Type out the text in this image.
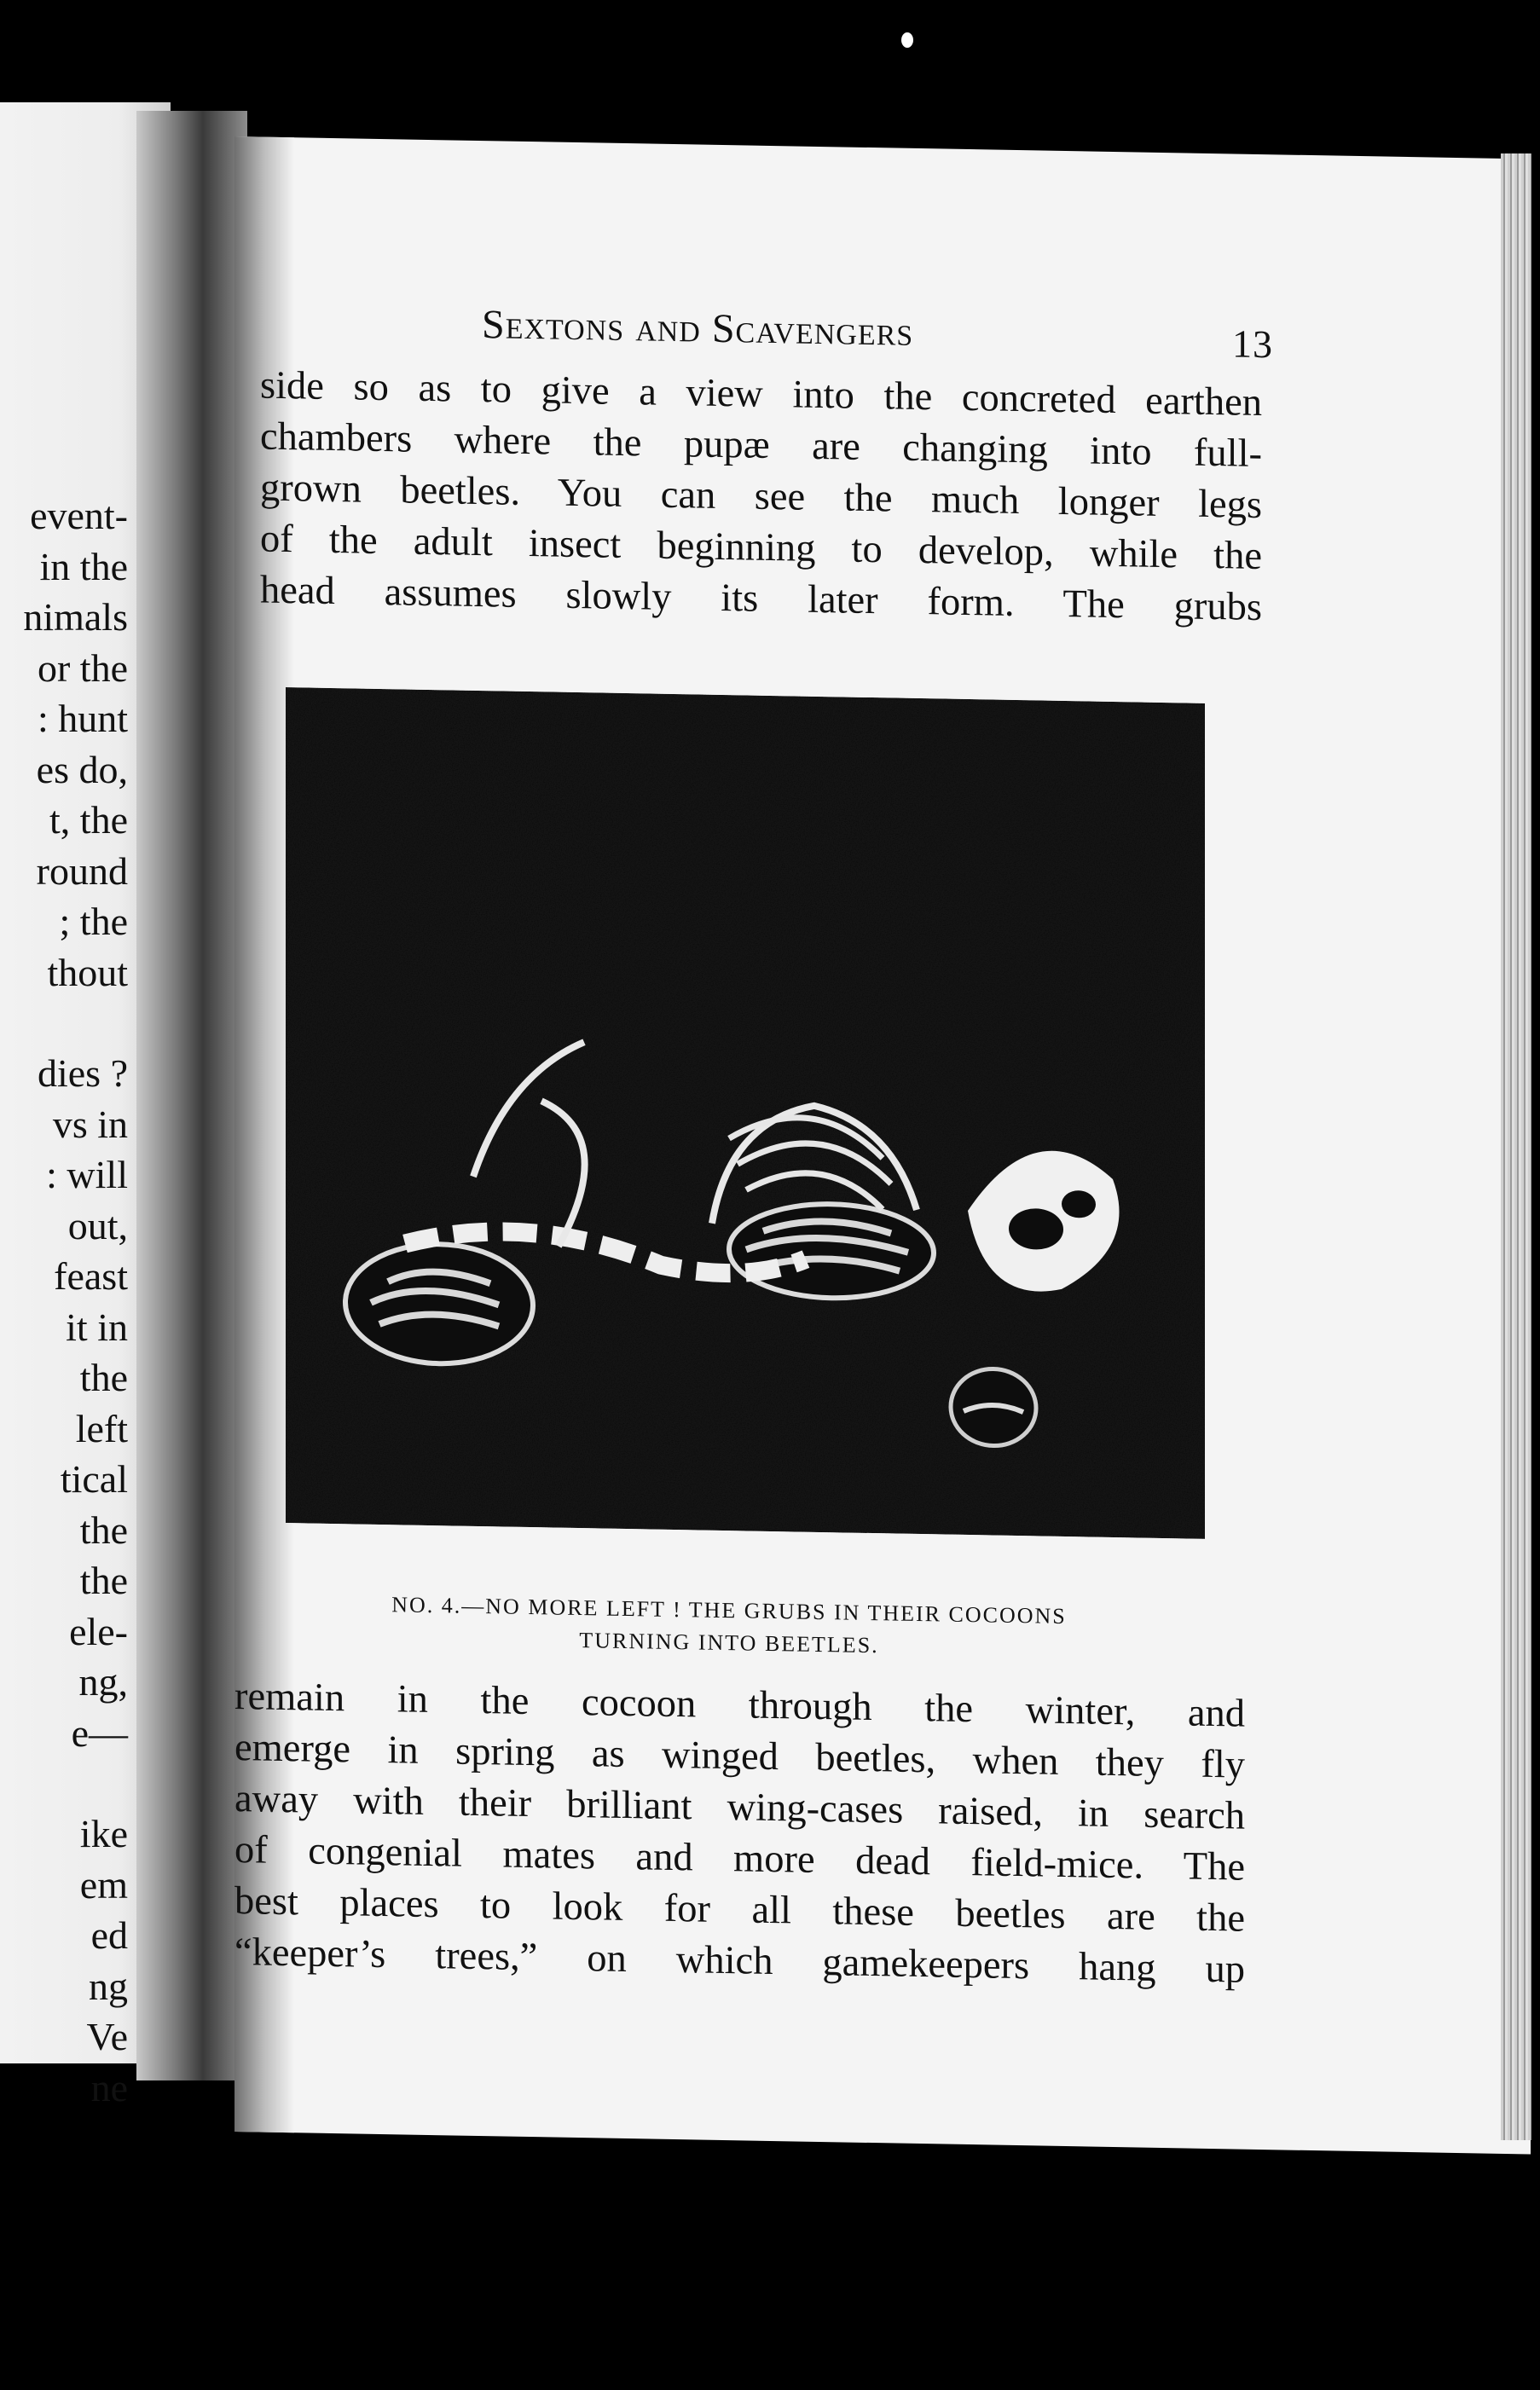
event-
in the
nimals
or the
: hunt
es do,
t, the
round
; the
thout
dies ?
vs in
: will
out,
feast
it in
the
left
tical
the
the
ele-
ng,
e—
ike
em
ed
ng
Ve
ne
Sextons and Scavengers	13
side so as to give a view into the concreted earthen
chambers where the pupæ are changing into full-
grown beetles. You can see the much longer legs
of the adult insect beginning to develop, while the
head assumes slowly its later form. The grubs
NO. 4.—NO MORE LEFT ! THE GRUBS IN THEIR COCOONS
TURNING INTO BEETLES.
remain in the cocoon through the winter, and
emerge in spring as winged beetles, when they fly
away with their brilliant wing-cases raised, in search
of congenial mates and more dead field-mice. The
best places to look for all these beetles are the
“keeper’s trees,” on which gamekeepers hang up
